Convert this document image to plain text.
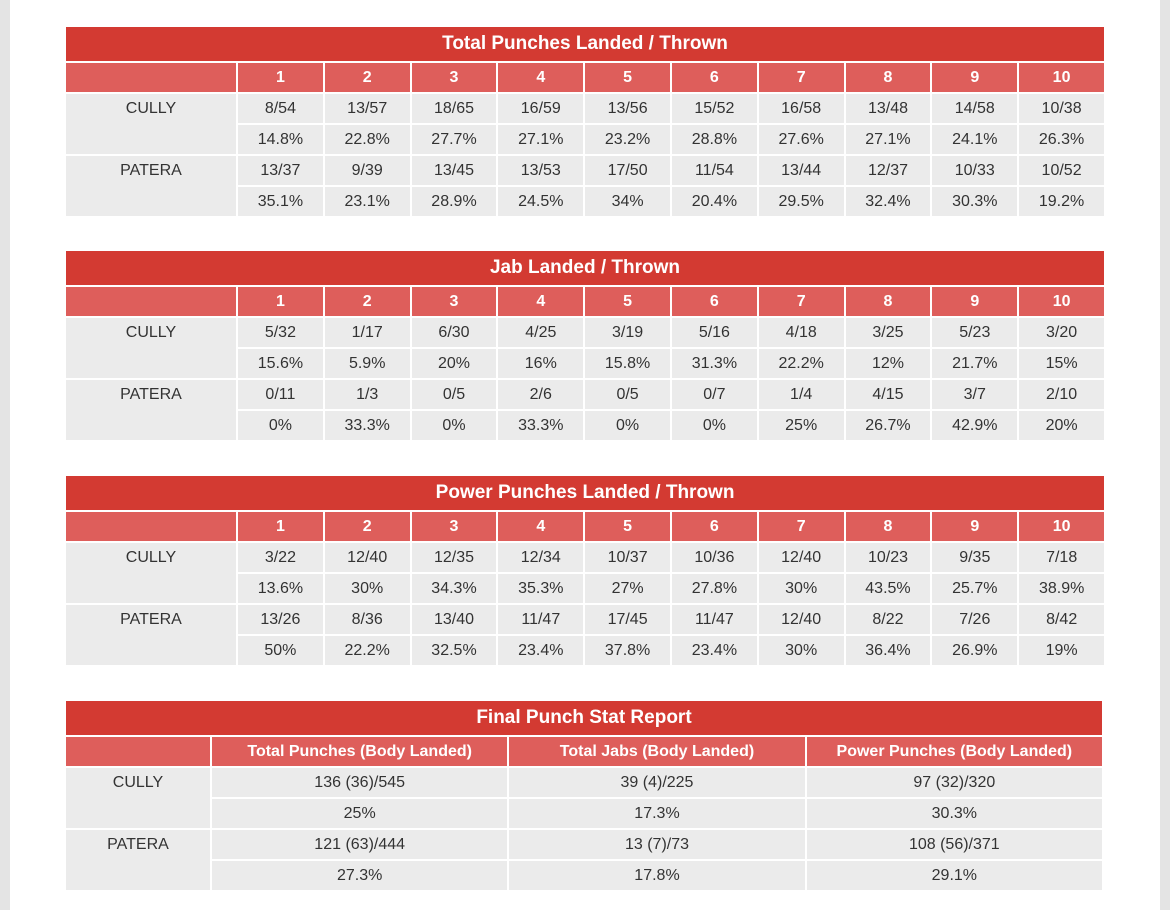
Total Punches Landed / Thrown										
	1	2	3	4	5	6	7	8	9	10
CULLY	8/54	13/57	18/65	16/59	13/56	15/52	16/58	13/48	14/58	10/38
	14.8%	22.8%	27.7%	27.1%	23.2%	28.8%	27.6%	27.1%	24.1%	26.3%
PATERA	13/37	9/39	13/45	13/53	17/50	11/54	13/44	12/37	10/33	10/52
	35.1%	23.1%	28.9%	24.5%	34%	20.4%	29.5%	32.4%	30.3%	19.2%
Jab Landed / Thrown										
	1	2	3	4	5	6	7	8	9	10
CULLY	5/32	1/17	6/30	4/25	3/19	5/16	4/18	3/25	5/23	3/20
	15.6%	5.9%	20%	16%	15.8%	31.3%	22.2%	12%	21.7%	15%
PATERA	0/11	1/3	0/5	2/6	0/5	0/7	1/4	4/15	3/7	2/10
	0%	33.3%	0%	33.3%	0%	0%	25%	26.7%	42.9%	20%
Power Punches Landed / Thrown										
	1	2	3	4	5	6	7	8	9	10
CULLY	3/22	12/40	12/35	12/34	10/37	10/36	12/40	10/23	9/35	7/18
	13.6%	30%	34.3%	35.3%	27%	27.8%	30%	43.5%	25.7%	38.9%
PATERA	13/26	8/36	13/40	11/47	17/45	11/47	12/40	8/22	7/26	8/42
	50%	22.2%	32.5%	23.4%	37.8%	23.4%	30%	36.4%	26.9%	19%
Final Punch Stat Report			
	Total Punches (Body Landed)	Total Jabs (Body Landed)	Power Punches (Body Landed)
CULLY	136 (36)/545	39 (4)/225	97 (32)/320
	25%	17.3%	30.3%
PATERA	121 (63)/444	13 (7)/73	108 (56)/371
	27.3%	17.8%	29.1%
